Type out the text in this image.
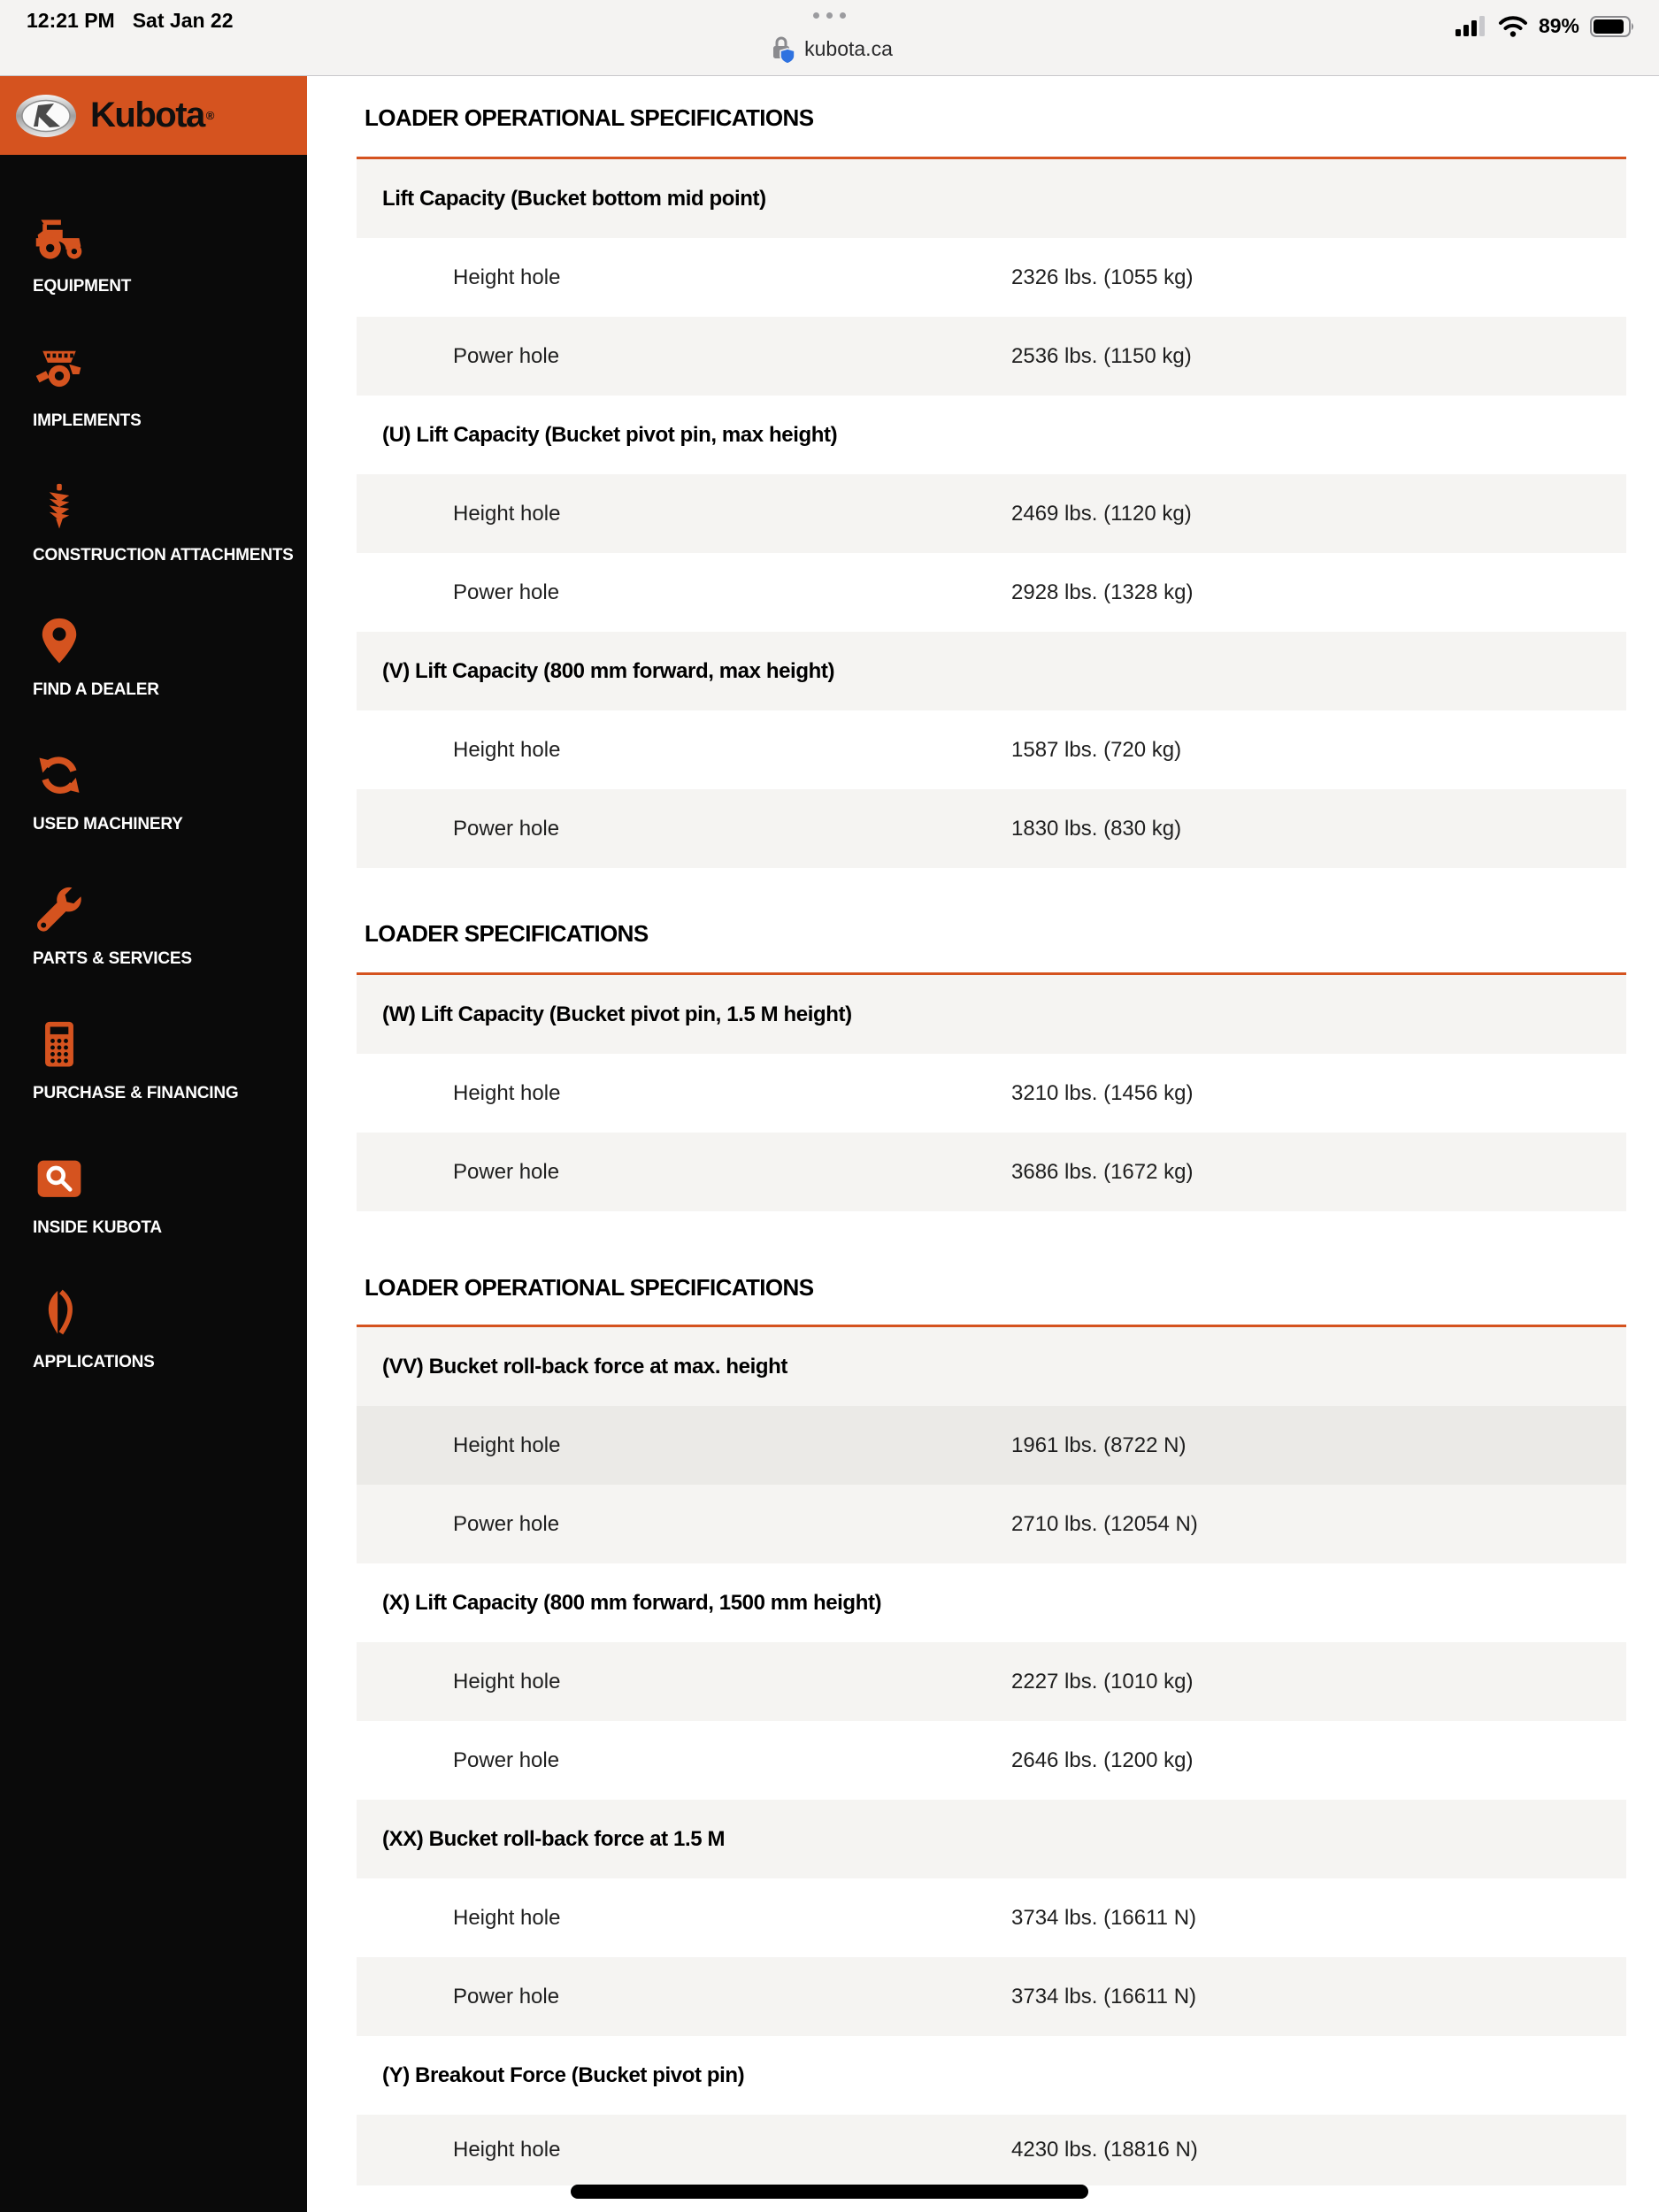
12:21 PM Sat Jan 22
kubota.ca
89%
Kubota ®
EQUIPMENT
IMPLEMENTS
CONSTRUCTION ATTACHMENTS
FIND A DEALER
USED MACHINERY
PARTS & SERVICES
PURCHASE & FINANCING
INSIDE KUBOTA
APPLICATIONS
LOADER OPERATIONAL SPECIFICATIONS
Lift Capacity (Bucket bottom mid point)
Height hole	2326 lbs. (1055 kg)
Power hole	2536 lbs. (1150 kg)
(U) Lift Capacity (Bucket pivot pin, max height)
Height hole	2469 lbs. (1120 kg)
Power hole	2928 lbs. (1328 kg)
(V) Lift Capacity (800 mm forward, max height)
Height hole	1587 lbs. (720 kg)
Power hole	1830 lbs. (830 kg)
LOADER SPECIFICATIONS
(W) Lift Capacity (Bucket pivot pin, 1.5 M height)
Height hole	3210 lbs. (1456 kg)
Power hole	3686 lbs. (1672 kg)
LOADER OPERATIONAL SPECIFICATIONS
(VV) Bucket roll-back force at max. height
Height hole	1961 lbs. (8722 N)
Power hole	2710 lbs. (12054 N)
(X) Lift Capacity (800 mm forward, 1500 mm height)
Height hole	2227 lbs. (1010 kg)
Power hole	2646 lbs. (1200 kg)
(XX) Bucket roll-back force at 1.5 M
Height hole	3734 lbs. (16611 N)
Power hole	3734 lbs. (16611 N)
(Y) Breakout Force (Bucket pivot pin)
Height hole	4230 lbs. (18816 N)
